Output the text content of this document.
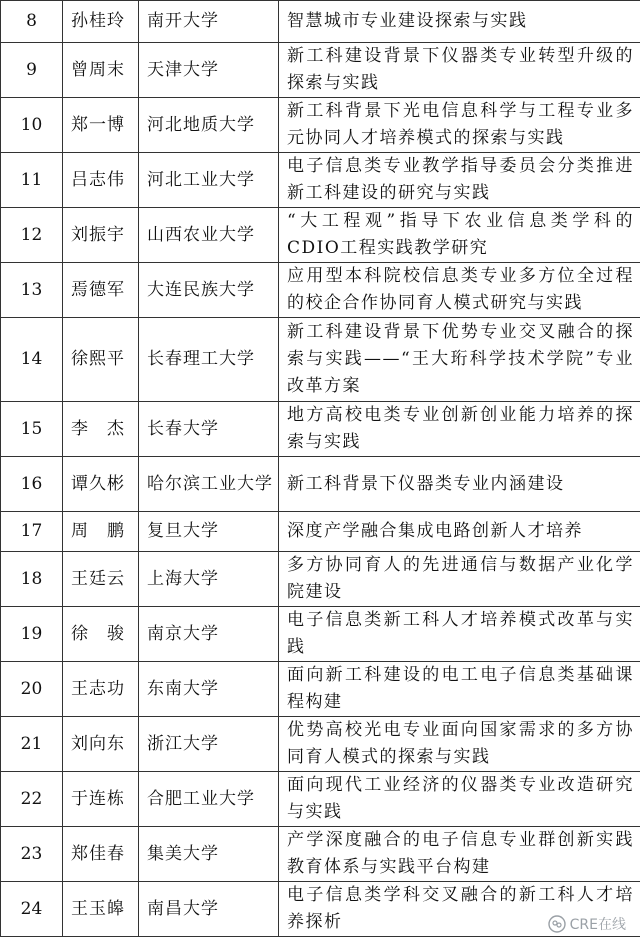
8	孙桂玲	南开大学	智慧城市专业建设探索与实践
9	曾周末	天津大学	新工科建设背景下仪器类专业转型升级的探索与实践
10	郑一博	河北地质大学	新工科背景下光电信息科学与工程专业多元协同人才培养模式的探索与实践
11	吕志伟	河北工业大学	电子信息类专业教学指导委员会分类推进新工科建设的研究与实践
12	刘振宇	山西农业大学	“大工程观”指导下农业信息类学科的CDIO工程实践教学研究
13	焉德军	大连民族大学	应用型本科院校信息类专业多方位全过程的校企合作协同育人模式研究与实践
14	徐熙平	长春理工大学	新工科建设背景下优势专业交叉融合的探索与实践——“王大珩科学技术学院”专业改革方案
15	李　杰	长春大学	地方高校电类专业创新创业能力培养的探索与实践
16	谭久彬	哈尔滨工业大学	新工科背景下仪器类专业内涵建设
17	周　鹏	复旦大学	深度产学融合集成电路创新人才培养
18	王廷云	上海大学	多方协同育人的先进通信与数据产业化学院建设
19	徐　骏	南京大学	电子信息类新工科人才培养模式改革与实践
20	王志功	东南大学	面向新工科建设的电工电子信息类基础课程构建
21	刘向东	浙江大学	优势高校光电专业面向国家需求的多方协同育人模式的探索与实践
22	于连栋	合肥工业大学	面向现代工业经济的仪器类专业改造研究与实践
23	郑佳春	集美大学	产学深度融合的电子信息专业群创新实践教育体系与实践平台构建
24	王玉皞	南昌大学	电子信息类学科交叉融合的新工科人才培养探析	CRE在线
